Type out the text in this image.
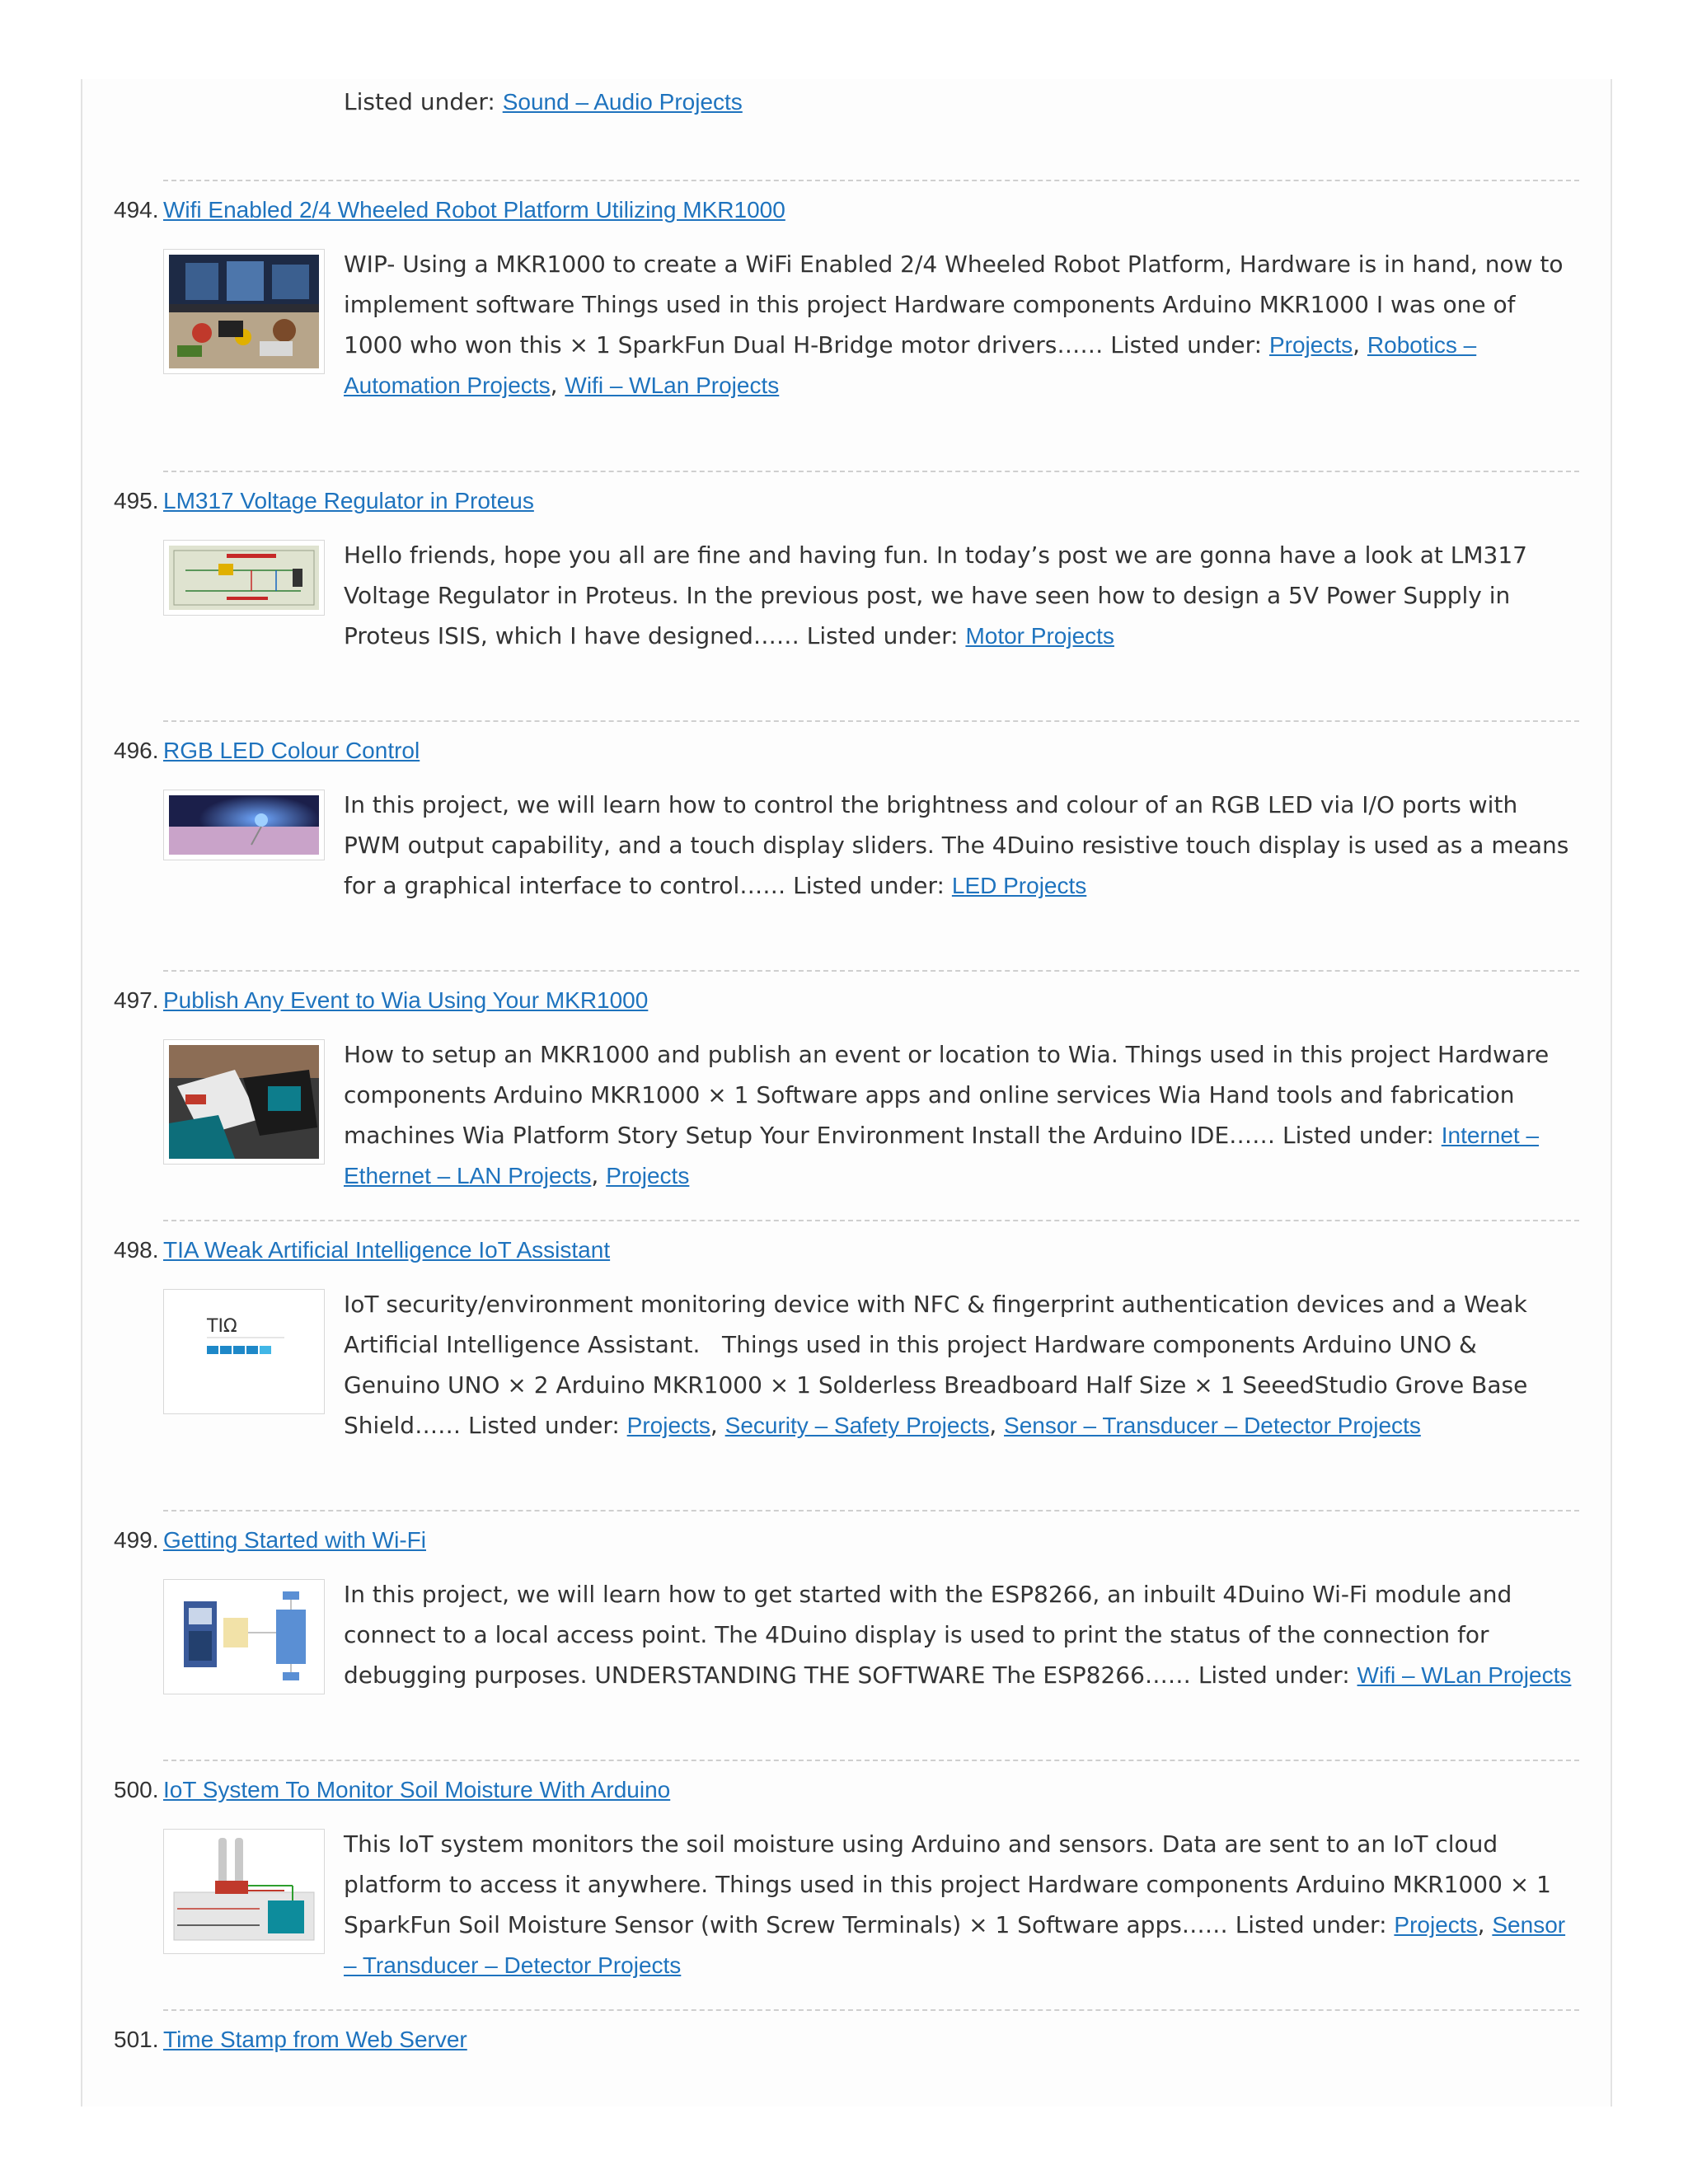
Listed under: Sound – Audio Projects
494. Wifi Enabled 2/4 Wheeled Robot Platform Utilizing MKR1000

WIP- Using a MKR1000 to create a WiFi Enabled 2/4 Wheeled Robot Platform, Hardware is in hand, now to implement software Things used in this project Hardware components Arduino MKR1000 I was one of 1000 who won this × 1 SparkFun Dual H-Bridge motor drivers…… Listed under: Projects, Robotics – Automation Projects, Wifi – WLan Projects

495. LM317 Voltage Regulator in Proteus

Hello friends, hope you all are fine and having fun. In today’s post we are gonna have a look at LM317 Voltage Regulator in Proteus. In the previous post, we have seen how to design a 5V Power Supply in Proteus ISIS, which I have designed…… Listed under: Motor Projects

496. RGB LED Colour Control

In this project, we will learn how to control the brightness and colour of an RGB LED via I/O ports with PWM output capability, and a touch display sliders. The 4Duino resistive touch display is used as a means for a graphical interface to control…… Listed under: LED Projects

497. Publish Any Event to Wia Using Your MKR1000

How to setup an MKR1000 and publish an event or location to Wia. Things used in this project Hardware components Arduino MKR1000 × 1 Software apps and online services Wia Hand tools and fabrication machines Wia Platform Story Setup Your Environment Install the Arduino IDE…… Listed under: Internet – Ethernet – LAN Projects, Projects

498. TIA Weak Artificial Intelligence IoT Assistant
TIΩ

IoT security/environment monitoring device with NFC & fingerprint authentication devices and a Weak Artificial Intelligence Assistant.   Things used in this project Hardware components Arduino UNO & Genuino UNO × 2 Arduino MKR1000 × 1 Solderless Breadboard Half Size × 1 SeeedStudio Grove Base Shield…… Listed under: Projects, Security – Safety Projects, Sensor – Transducer – Detector Projects

499. Getting Started with Wi-Fi

In this project, we will learn how to get started with the ESP8266, an inbuilt 4Duino Wi-Fi module and connect to a local access point. The 4Duino display is used to print the status of the connection for debugging purposes. UNDERSTANDING THE SOFTWARE The ESP8266…… Listed under: Wifi – WLan Projects

500. IoT System To Monitor Soil Moisture With Arduino

This IoT system monitors the soil moisture using Arduino and sensors. Data are sent to an IoT cloud platform to access it anywhere. Things used in this project Hardware components Arduino MKR1000 × 1 SparkFun Soil Moisture Sensor (with Screw Terminals) × 1 Software apps…… Listed under: Projects, Sensor – Transducer – Detector Projects

501. Time Stamp from Web Server
